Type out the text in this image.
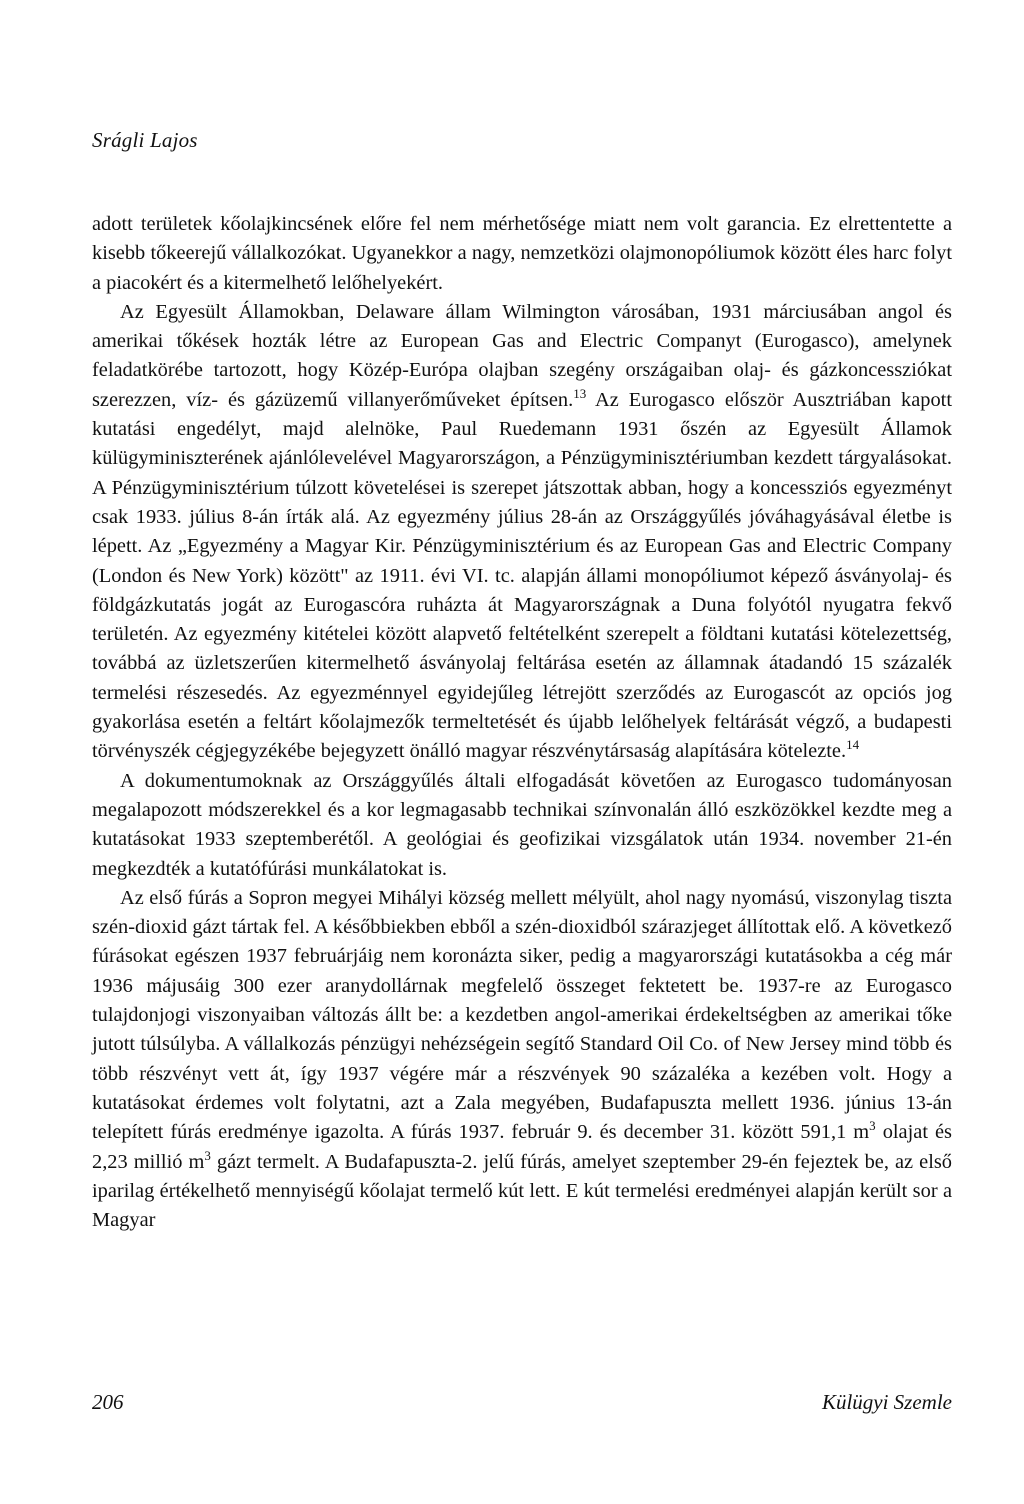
Srágli Lajos

adott területek kőolajkincsének előre fel nem mérhetősége miatt nem volt garancia. Ez elrettentette a kisebb tőkeerejű vállalkozókat. Ugyanekkor a nagy, nemzetközi olajmonopóliumok között éles harc folyt a piacokért és a kitermelhető lelőhelyekért.

Az Egyesült Államokban, Delaware állam Wilmington városában, 1931 márciusában angol és amerikai tőkések hozták létre az European Gas and Electric Companyt (Eurogasco), amelynek feladatkörébe tartozott, hogy Közép-Európa olajban szegény országaiban olaj- és gázkoncessziókat szerezzen, víz- és gázüzemű villanyerőműveket építsen.$^{13}$ Az Eurogasco először Ausztriában kapott kutatási engedélyt, majd alelnöke, Paul Ruedemann 1931 őszén az Egyesült Államok külügyminiszterének ajánlólevelével Magyarországon, a Pénzügyminisztériumban kezdett tárgyalásokat. A Pénzügyminisztérium túlzott követelései is szerepet játszottak abban, hogy a koncessziós egyezményt csak 1933. július 8-án írták alá. Az egyezmény július 28-án az Országgyűlés jóváhagyásával életbe is lépett. Az „Egyezmény a Magyar Kir. Pénzügyminisztérium és az European Gas and Electric Company (London és New York) között" az 1911. évi VI. tc. alapján állami monopóliumot képező ásványolaj- és földgázkutatás jogát az Eurogascóra ruházta át Magyarországnak a Duna folyótól nyugatra fekvő területén. Az egyezmény kitételei között alapvető feltételként szerepelt a földtani kutatási kötelezettség, továbbá az üzletszerűen kitermelhető ásványolaj feltárása esetén az államnak átadandó 15 százalék termelési részesedés. Az egyezménnyel egyidejűleg létrejött szerződés az Eurogascót az opciós jog gyakorlása esetén a feltárt kőolajmezők termeltetését és újabb lelőhelyek feltárását végző, a budapesti törvényszék cégjegyzékébe bejegyzett önálló magyar részvénytársaság alapítására kötelezte.$^{14}$

A dokumentumoknak az Országgyűlés általi elfogadását követően az Eurogasco tudományosan megalapozott módszerekkel és a kor legmagasabb technikai színvonalán álló eszközökkel kezdte meg a kutatásokat 1933 szeptemberétől. A geológiai és geofizikai vizsgálatok után 1934. november 21-én megkezdték a kutatófúrási munkálatokat is.

Az első fúrás a Sopron megyei Mihályi község mellett mélyült, ahol nagy nyomású, viszonylag tiszta szén-dioxid gázt tártak fel. A későbbiekben ebből a szén-dioxidból szárazjeget állítottak elő. A következő fúrásokat egészen 1937 februárjáig nem koronázta siker, pedig a magyarországi kutatásokba a cég már 1936 májusáig 300 ezer aranydollárnak megfelelő összeget fektetett be. 1937-re az Eurogasco tulajdonjogi viszonyaiban változás állt be: a kezdetben angol-amerikai érdekeltségben az amerikai tőke jutott túlsúlyba. A vállalkozás pénzügyi nehézségein segítő Standard Oil Co. of New Jersey mind több és több részvényt vett át, így 1937 végére már a részvények 90 százaléka a kezében volt. Hogy a kutatásokat érdemes volt folytatni, azt a Zala megyében, Budafapuszta mellett 1936. június 13-án telepített fúrás eredménye igazolta. A fúrás 1937. február 9. és december 31. között 591,1 $m^3$ olajat és 2,23 millió $m^3$ gázt termelt. A Budafapuszta-2. jelű fúrás, amelyet szeptember 29-én fejeztek be, az első iparilag értékelhető mennyiségű kőolajat termelő kút lett. E kút termelési eredményei alapján került sor a Magyar

206	Külügyi Szemle
